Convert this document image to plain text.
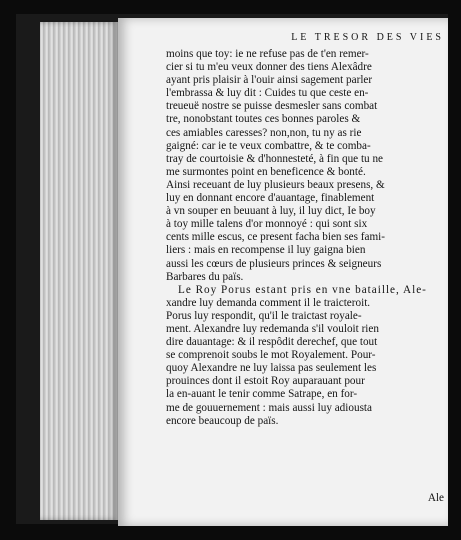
LE TRESOR DES VIES
moins que toy: ie ne refuse pas de t'en remer-
cier si tu m'eu veux donner des tiens Alexâdre
ayant pris plaisir à l'ouir ainsi sagement parler
l'embrassa & luy dit : Cuides tu que ceste en-
treueuë nostre se puisse desmesler sans combat
tre, nonobstant toutes ces bonnes paroles &
ces amiables caresses? non,non, tu ny as rie
gaigné: car ie te veux combattre, & te comba-
tray de courtoisie & d'honnesteté, à fin que tu ne
me surmontes point en beneficence & bonté.
Ainsi receuant de luy plusieurs beaux presens, &
luy en donnant encore d'auantage, finablement
à vn souper en beuuant à luy, il luy dict, Ie boy
à toy mille talens d'or monnoyé : qui sont six
cents mille escus, ce present facha bien ses fami-
liers : mais en recompense il luy gaigna bien
aussi les cœurs de plusieurs princes & seigneurs
Barbares du païs.
Le Roy Porus estant pris en vne bataille, Ale-
xandre luy demanda comment il le traicteroit.
Porus luy respondit, qu'il le traictast royale-
ment. Alexandre luy redemanda s'il vouloit rien
dire dauantage: & il respôdit derechef, que tout
se comprenoit soubs le mot Royalement. Pour-
quoy Alexandre ne luy laissa pas seulement les
prouinces dont il estoit Roy auparauant pour
la en-auant le tenir comme Satrape, en for-
me de gouuernement : mais aussi luy adiousta
encore beaucoup de païs.
Ale
